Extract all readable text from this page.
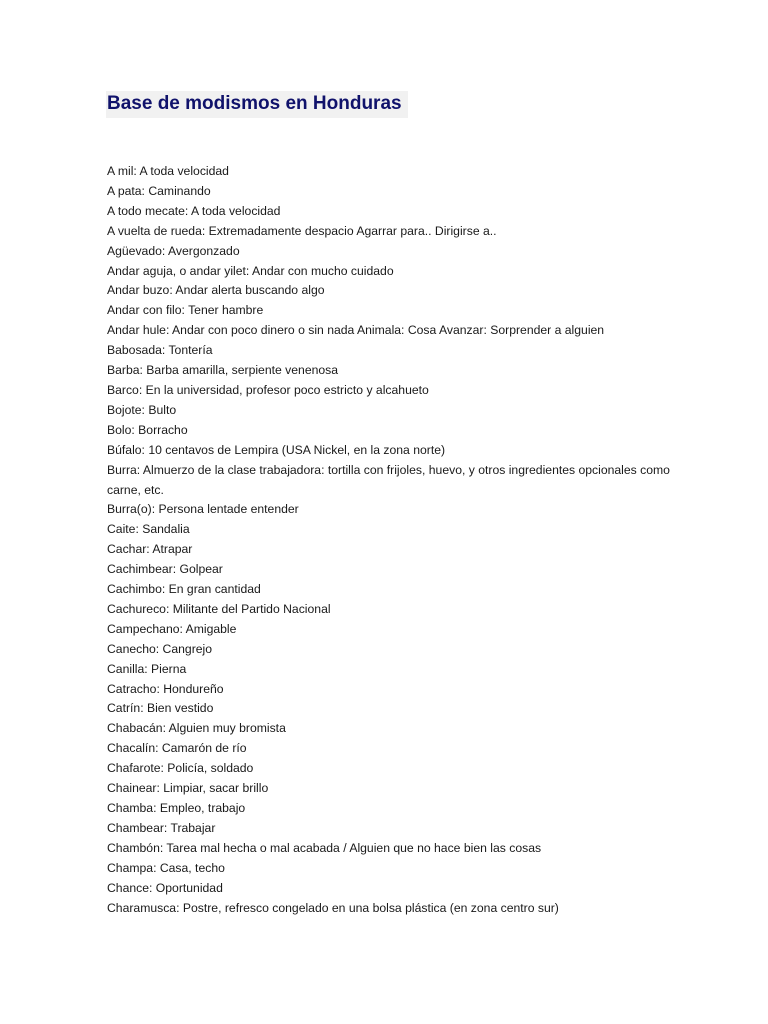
Base de modismos en Honduras
A mil: A toda velocidad
A pata: Caminando
A todo mecate: A toda velocidad
A vuelta de rueda: Extremadamente despacio Agarrar para.. Dirigirse a..
Agüevado: Avergonzado
Andar aguja, o andar yilet: Andar con mucho cuidado
Andar buzo: Andar alerta buscando algo
Andar con filo: Tener hambre
Andar hule: Andar con poco dinero o sin nada Animala: Cosa Avanzar: Sorprender a alguien
Babosada: Tontería
Barba: Barba amarilla, serpiente venenosa
Barco: En la universidad, profesor poco estricto y alcahueto
Bojote: Bulto
Bolo: Borracho
Búfalo: 10 centavos de Lempira (USA Nickel, en la zona norte)
Burra: Almuerzo de la clase trabajadora: tortilla con frijoles, huevo, y otros ingredientes opcionales como carne, etc.
Burra(o): Persona lentade entender
Caite: Sandalia
Cachar: Atrapar
Cachimbear: Golpear
Cachimbo: En gran cantidad
Cachureco: Militante del Partido Nacional
Campechano: Amigable
Canecho: Cangrejo
Canilla: Pierna
Catracho: Hondureño
Catrín: Bien vestido
Chabacán: Alguien muy bromista
Chacalín: Camarón de río
Chafarote: Policía, soldado
Chainear: Limpiar, sacar brillo
Chamba: Empleo, trabajo
Chambear: Trabajar
Chambón: Tarea mal hecha o mal acabada / Alguien que no hace bien las cosas
Champa: Casa, techo
Chance: Oportunidad
Charamusca: Postre, refresco congelado en una bolsa plástica (en zona centro sur)
